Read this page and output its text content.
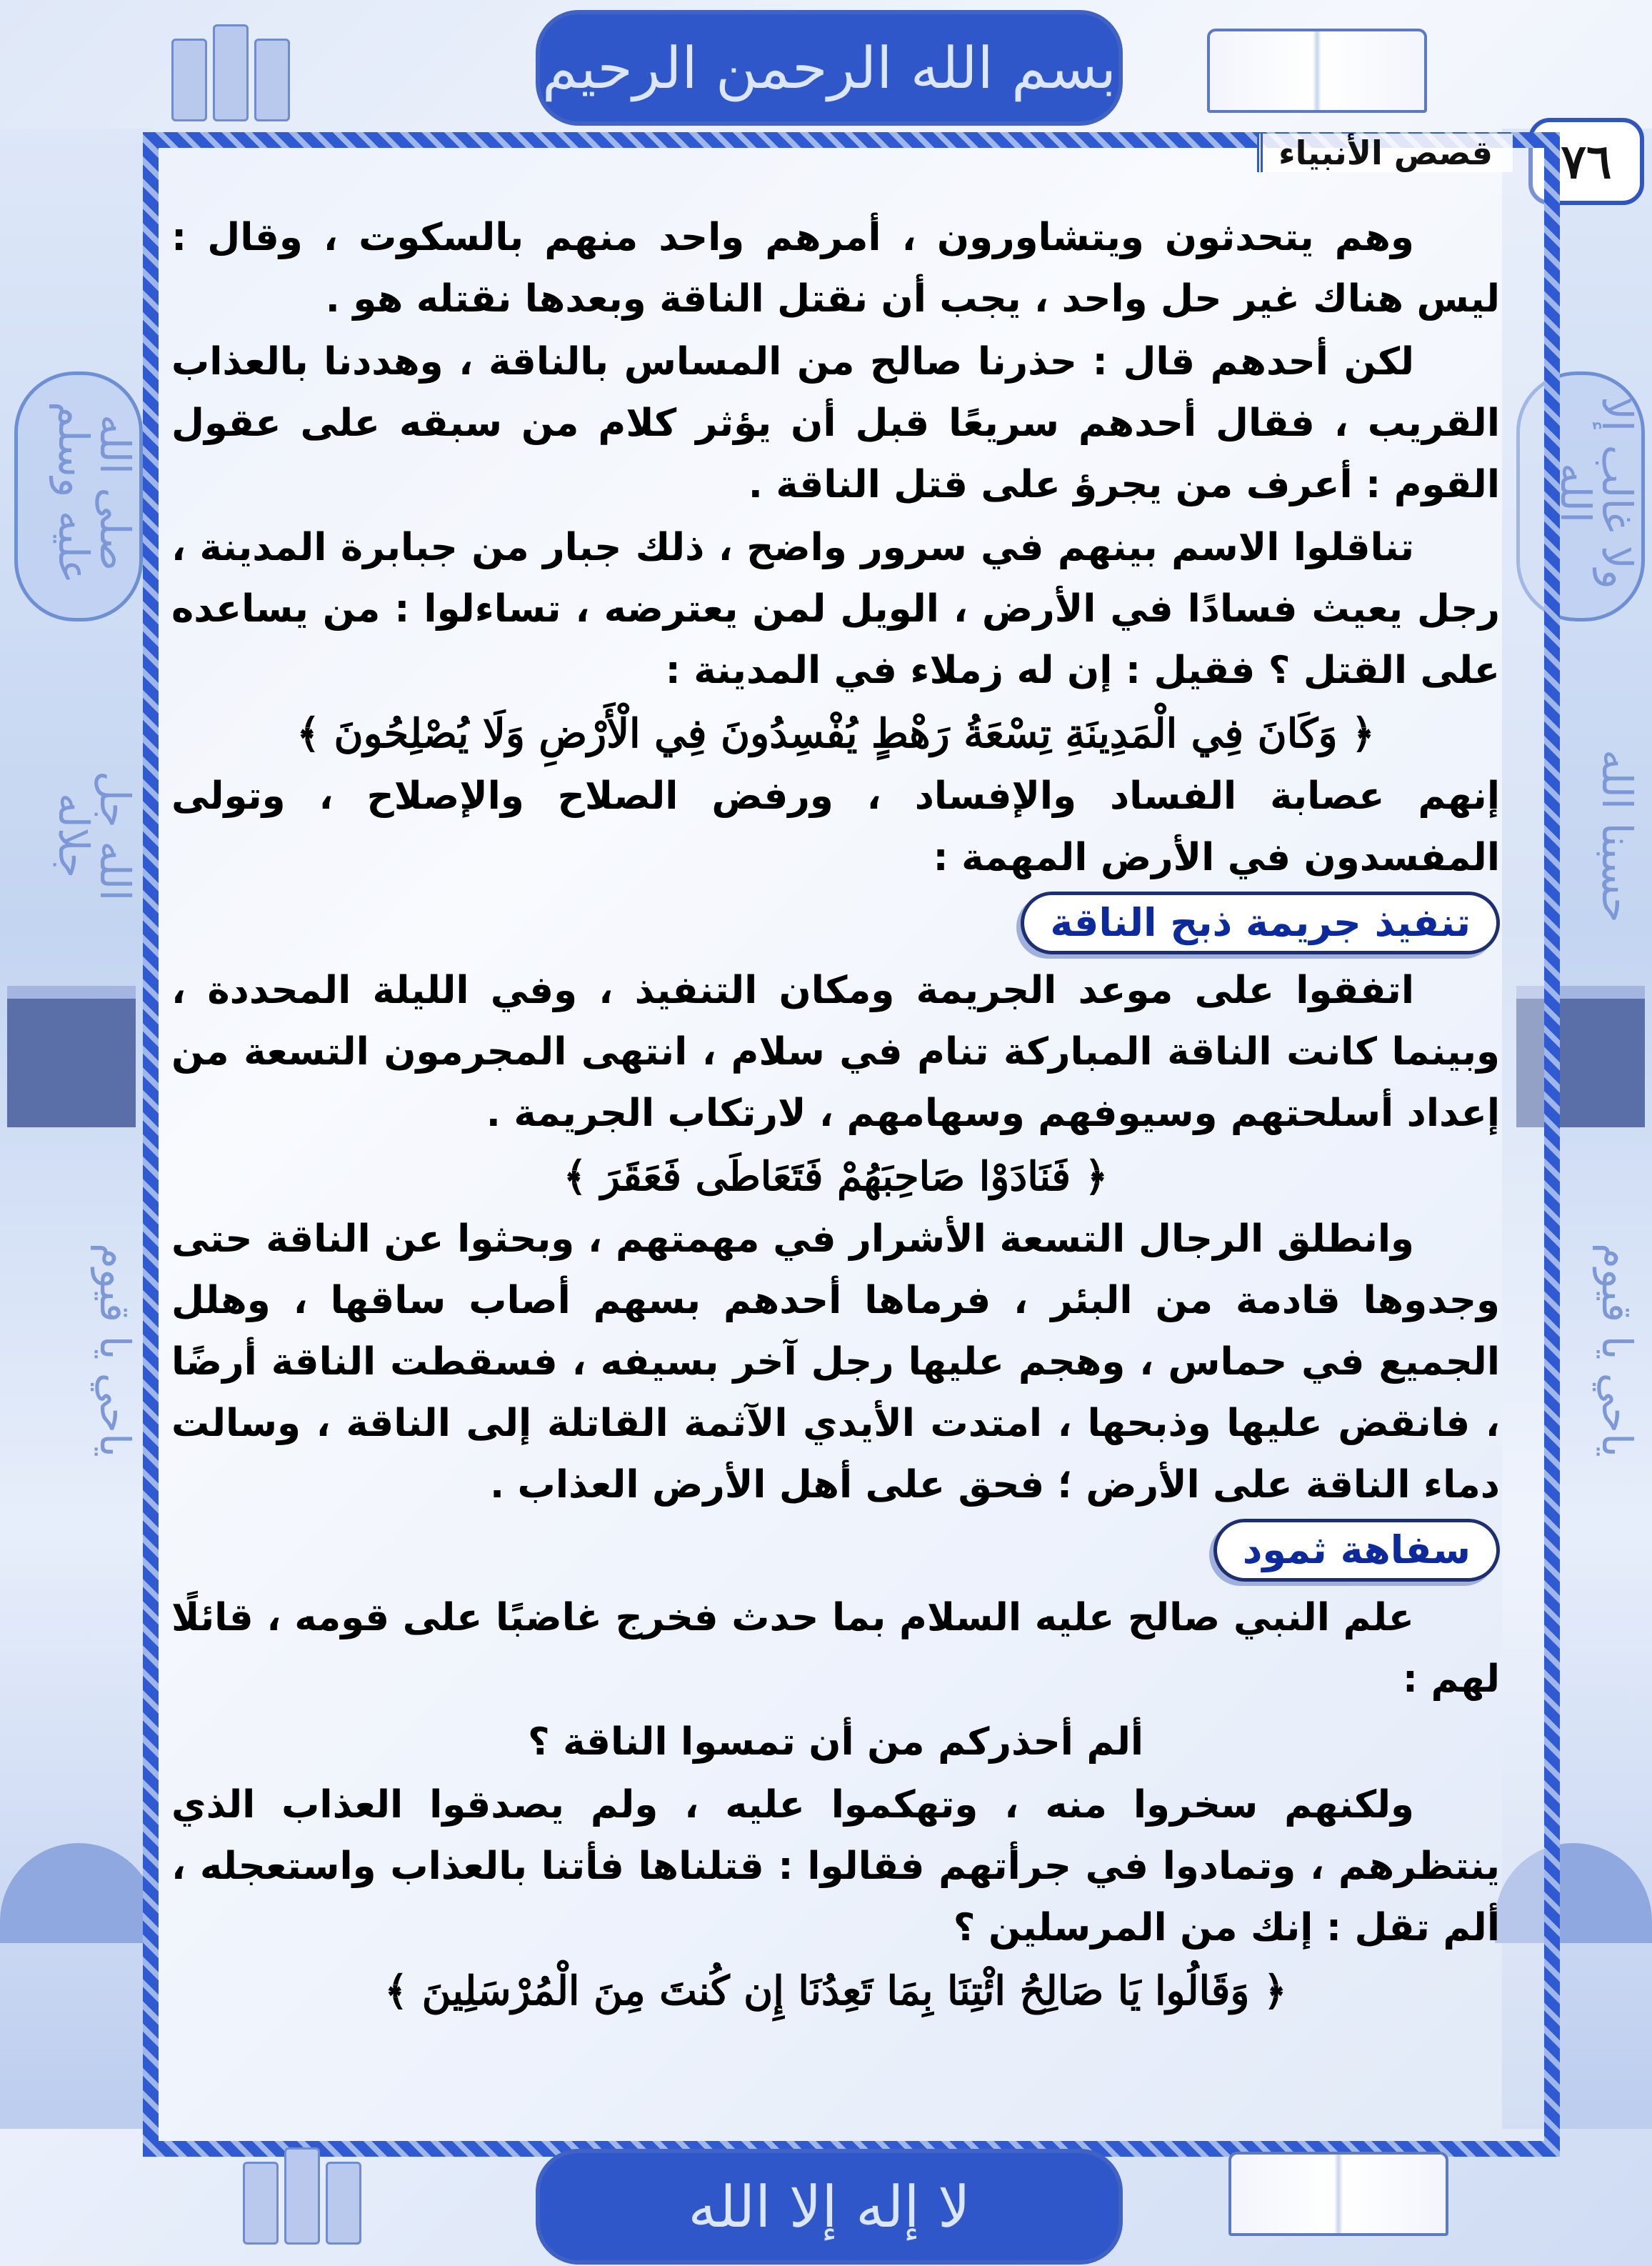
صلى الله عليه وسلم
الله جل جلاله
ياحي يا قيوم
ولا غالب إلا الله
حسبنا الله
ياحي يا قيوم
بسم الله الرحمن الرحيم
٧٦
قصص الأنبياء

وهم يتحدثون ويتشاورون ، أمرهم واحد منهم بالسكوت ، وقال : ليس هناك غير حل واحد ، يجب أن نقتل الناقة وبعدها نقتله هو .

لكن أحدهم قال : حذرنا صالح من المساس بالناقة ، وهددنا بالعذاب القريب ، فقال أحدهم سريعًا قبل أن يؤثر كلام من سبقه على عقول القوم : أعرف من يجرؤ على قتل الناقة .

تناقلوا الاسم بينهم في سرور واضح ، ذلك جبار من جبابرة المدينة ، رجل يعيث فسادًا في الأرض ، الويل لمن يعترضه ، تساءلوا : من يساعده على القتل ؟ فقيل : إن له زملاء في المدينة :

﴿ وَكَانَ فِي الْمَدِينَةِ تِسْعَةُ رَهْطٍ يُفْسِدُونَ فِي الْأَرْضِ وَلَا يُصْلِحُونَ ﴾

إنهم عصابة الفساد والإفساد ، ورفض الصلاح والإصلاح ، وتولى المفسدون في الأرض المهمة :

تنفيذ جريمة ذبح الناقة

اتفقوا على موعد الجريمة ومكان التنفيذ ، وفي الليلة المحددة ، وبينما كانت الناقة المباركة تنام في سلام ، انتهى المجرمون التسعة من إعداد أسلحتهم وسيوفهم وسهامهم ، لارتكاب الجريمة .

﴿ فَنَادَوْا صَاحِبَهُمْ فَتَعَاطَى فَعَقَرَ ﴾

وانطلق الرجال التسعة الأشرار في مهمتهم ، وبحثوا عن الناقة حتى وجدوها قادمة من البئر ، فرماها أحدهم بسهم أصاب ساقها ، وهلل الجميع في حماس ، وهجم عليها رجل آخر بسيفه ، فسقطت الناقة أرضًا ، فانقض عليها وذبحها ، امتدت الأيدي الآثمة القاتلة إلى الناقة ، وسالت دماء الناقة على الأرض ؛ فحق على أهل الأرض العذاب .

سفاهة ثمود

علم النبي صالح عليه السلام بما حدث فخرج غاضبًا على قومه ، قائلًا لهم :

ألم أحذركم من أن تمسوا الناقة ؟

ولكنهم سخروا منه ، وتهكموا عليه ، ولم يصدقوا العذاب الذي ينتظرهم ، وتمادوا في جرأتهم فقالوا : قتلناها فأتنا بالعذاب واستعجله ، ألم تقل : إنك من المرسلين ؟

﴿ وَقَالُوا يَا صَالِحُ ائْتِنَا بِمَا تَعِدُنَا إِن كُنتَ مِنَ الْمُرْسَلِينَ ﴾

لا إله إلا الله
